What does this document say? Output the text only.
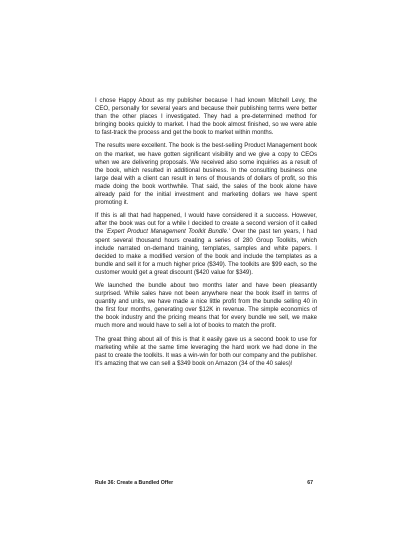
I chose Happy About as my publisher because I had known Mitchell Levy, the CEO, personally for several years and because their publishing terms were better than the other places I investigated. They had a pre-determined method for bringing books quickly to market. I had the book almost finished, so we were able to fast-track the process and get the book to market within months.

The results were excellent. The book is the best-selling Product Management book on the market, we have gotten significant visibility and we give a copy to CEOs when we are delivering proposals. We received also some inquiries as a result of the book, which resulted in additional business. In the consulting business one large deal with a client can result in tens of thousands of dollars of profit, so this made doing the book worthwhile. That said, the sales of the book alone have already paid for the initial investment and marketing dollars we have spent promoting it.

If this is all that had happened, I would have considered it a success. However, after the book was out for a while I decided to create a second version of it called the 'Expert Product Management Toolkit Bundle.' Over the past ten years, I had spent several thousand hours creating a series of 280 Group Toolkits, which include narrated on-demand training, templates, samples and white papers. I decided to make a modified version of the book and include the templates as a bundle and sell it for a much higher price ($349). The toolkits are $99 each, so the customer would get a great discount ($420 value for $349).

We launched the bundle about two months later and have been pleasantly surprised. While sales have not been anywhere near the book itself in terms of quantity and units, we have made a nice little profit from the bundle selling 40 in the first four months, generating over $12K in revenue. The simple economics of the book industry and the pricing means that for every bundle we sell, we make much more and would have to sell a lot of books to match the profit.

The great thing about all of this is that it easily gave us a second book to use for marketing while at the same time leveraging the hard work we had done in the past to create the toolkits. It was a win-win for both our company and the publisher. It's amazing that we can sell a $349 book on Amazon (34 of the 40 sales)!

Rule 36: Create a Bundled Offer	67
